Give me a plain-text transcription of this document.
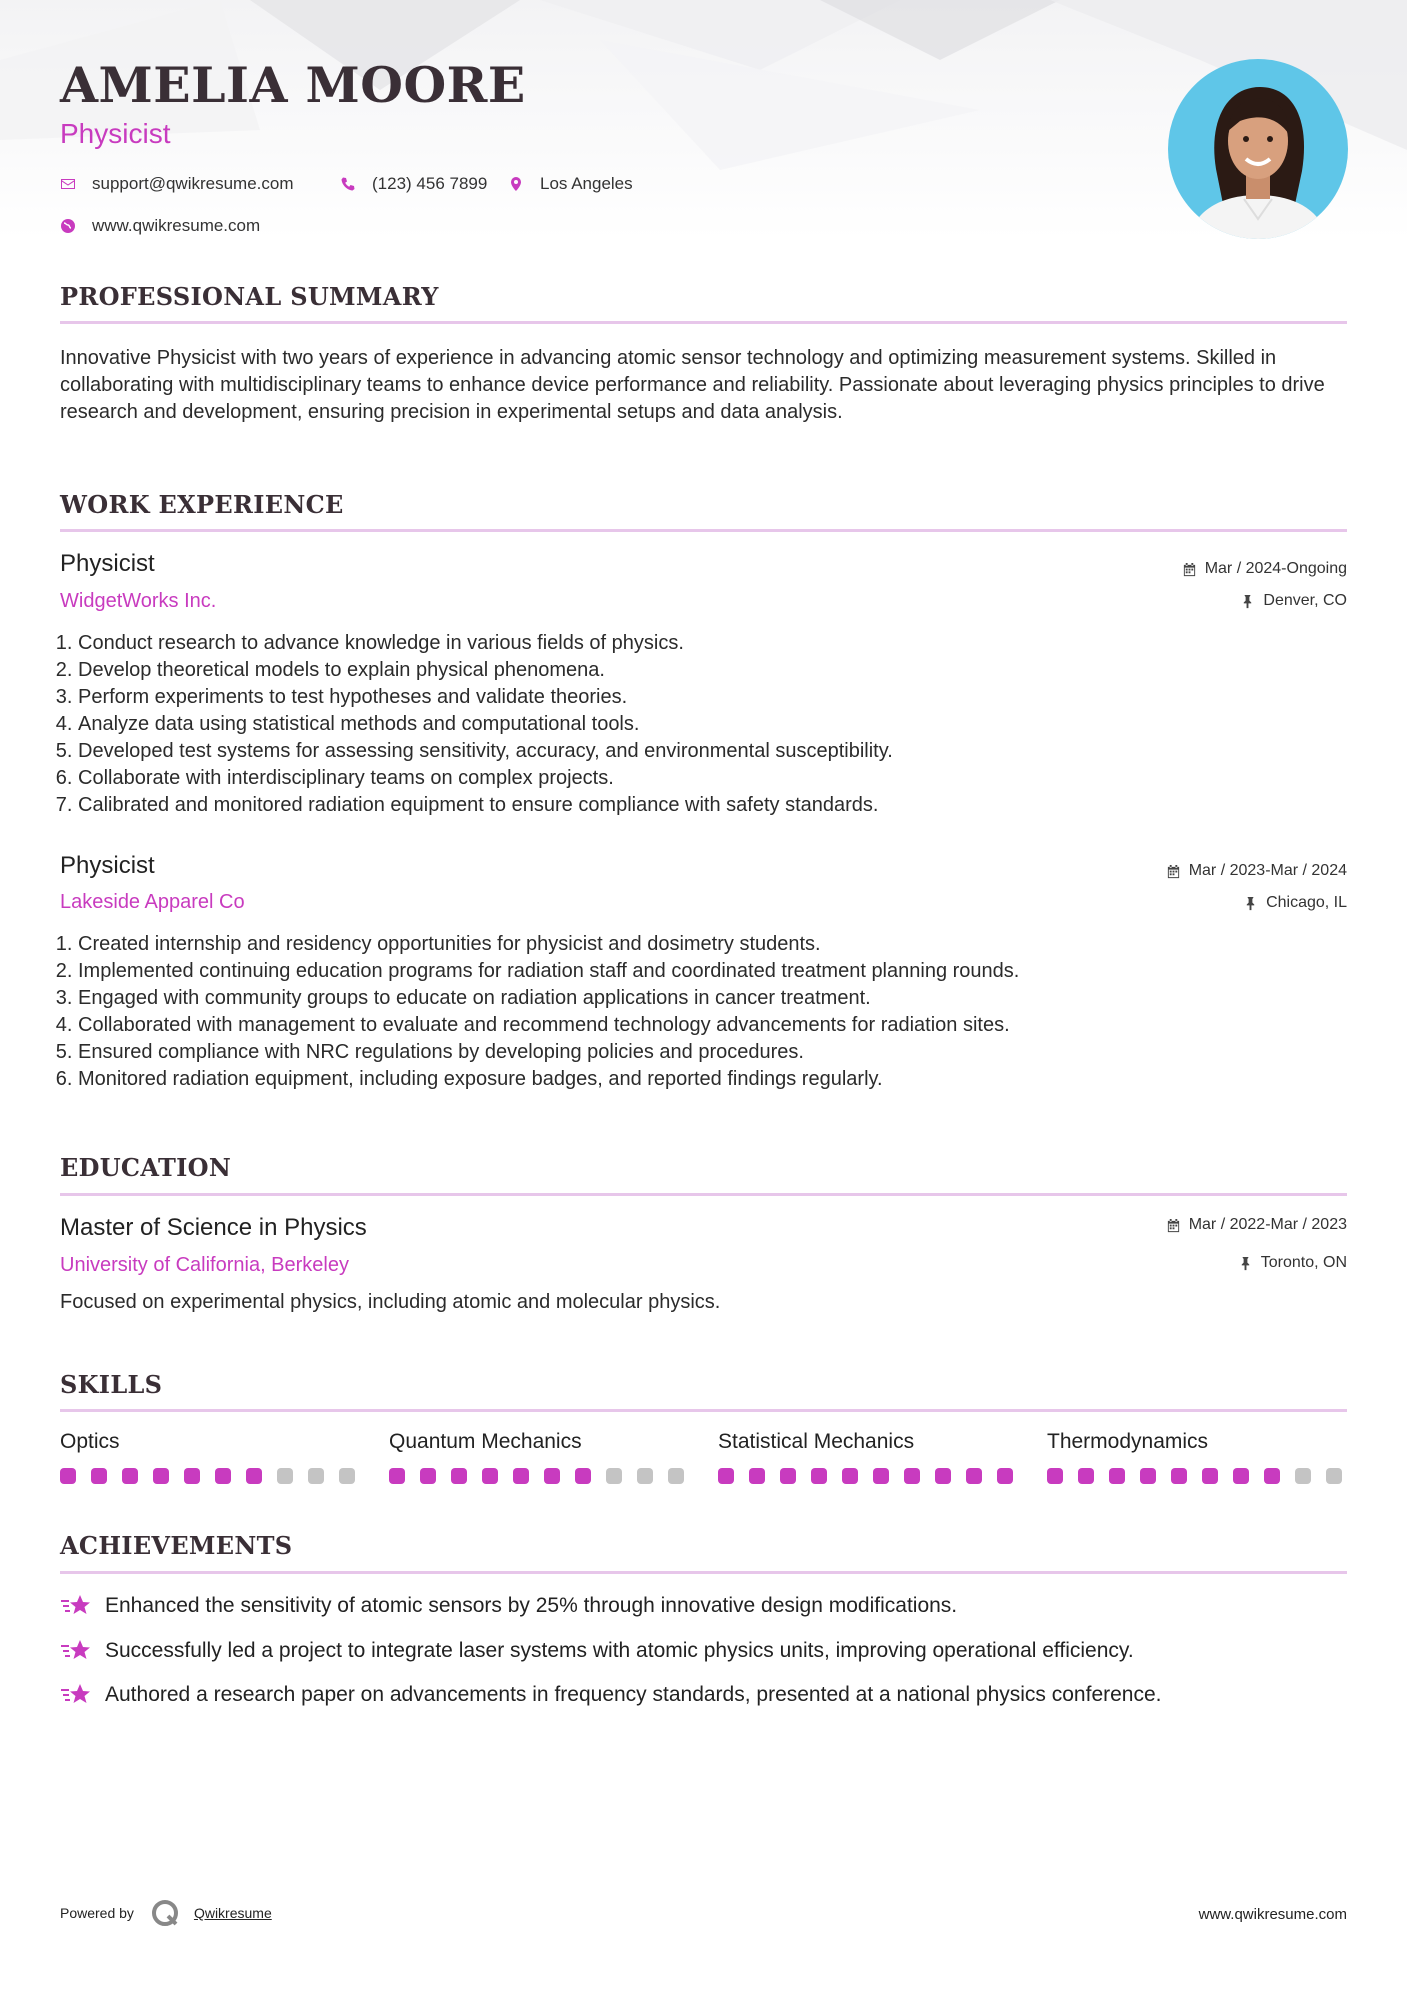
AMELIA MOORE
Physicist
support@qwikresume.com	(123) 456 7899	Los Angeles
www.qwikresume.com
PROFESSIONAL SUMMARY
Innovative Physicist with two years of experience in advancing atomic sensor technology and optimizing measurement systems. Skilled in collaborating with multidisciplinary teams to enhance device performance and reliability. Passionate about leveraging physics principles to drive research and development, ensuring precision in experimental setups and data analysis.
WORK EXPERIENCE
Physicist
WidgetWorks Inc.
Mar / 2024-Ongoing
Denver, CO
1. Conduct research to advance knowledge in various fields of physics.
2. Develop theoretical models to explain physical phenomena.
3. Perform experiments to test hypotheses and validate theories.
4. Analyze data using statistical methods and computational tools.
5. Developed test systems for assessing sensitivity, accuracy, and environmental susceptibility.
6. Collaborate with interdisciplinary teams on complex projects.
7. Calibrated and monitored radiation equipment to ensure compliance with safety standards.
Physicist
Lakeside Apparel Co
Mar / 2023-Mar / 2024
Chicago, IL
1. Created internship and residency opportunities for physicist and dosimetry students.
2. Implemented continuing education programs for radiation staff and coordinated treatment planning rounds.
3. Engaged with community groups to educate on radiation applications in cancer treatment.
4. Collaborated with management to evaluate and recommend technology advancements for radiation sites.
5. Ensured compliance with NRC regulations by developing policies and procedures.
6. Monitored radiation equipment, including exposure badges, and reported findings regularly.
EDUCATION
Master of Science in Physics
University of California, Berkeley
Mar / 2022-Mar / 2023
Toronto, ON
Focused on experimental physics, including atomic and molecular physics.
SKILLS
Optics	Quantum Mechanics	Statistical Mechanics	Thermodynamics
ACHIEVEMENTS
Enhanced the sensitivity of atomic sensors by 25% through innovative design modifications.
Successfully led a project to integrate laser systems with atomic physics units, improving operational efficiency.
Authored a research paper on advancements in frequency standards, presented at a national physics conference.
Powered by	Qwikresume	www.qwikresume.com
